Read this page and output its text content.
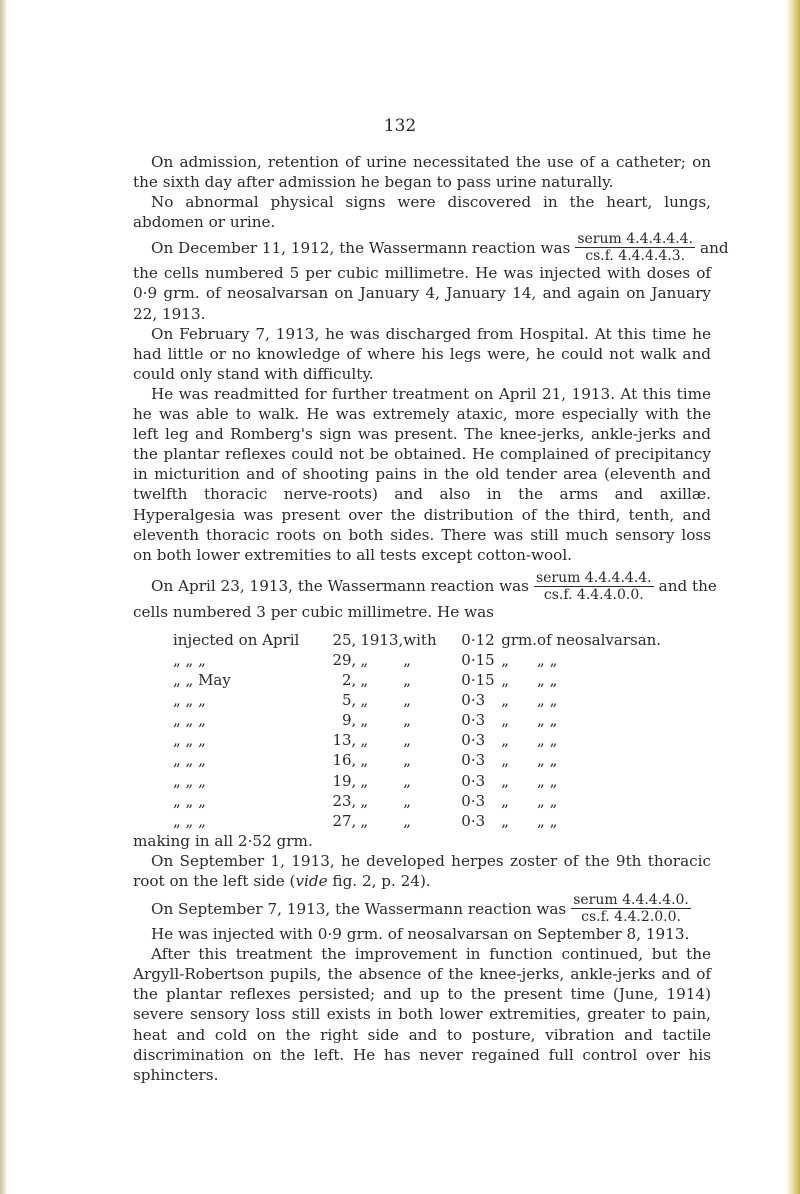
132

On admission, retention of urine necessitated the use of a catheter; on the sixth day after admission he began to pass urine naturally.

No abnormal physical signs were discovered in the heart, lungs, abdomen or urine.

On December 11, 1912, the Wassermann reaction was $\frac{\text{serum 4.4.4.4.4.}}{cs.f. 4.4.4.4.3.}$ and

the cells numbered 5 per cubic millimetre. He was injected with doses of 0·9 grm. of neosalvarsan on January 4, January 14, and again on January 22, 1913.

On February 7, 1913, he was discharged from Hospital. At this time he had little or no knowledge of where his legs were, he could not walk and could only stand with difficulty.

He was readmitted for further treatment on April 21, 1913. At this time he was able to walk. He was extremely ataxic, more especially with the left leg and Romberg's sign was present. The knee-jerks, ankle-jerks and the plantar reflexes could not be obtained. He complained of precipitancy in micturition and of shooting pains in the old tender area (eleventh and twelfth thoracic nerve-roots) and also in the arms and axillæ. Hyperalgesia was present over the distribution of the third, tenth, and eleventh thoracic roots on both sides. There was still much sensory loss on both lower extremities to all tests except cotton-wool.

On April 23, 1913, the Wassermann reaction was $\frac{\text{serum 4.4.4.4.4.}}{cs.f. 4.4.4.0.0.}$ and the

cells numbered 3 per cubic millimetre. He was

injected on April	25,	1913,	with	0·12	grm.	of neosalvarsan.
„ „ „	29,	„	„	0·15	„	„ „
„ „ May	2,	„	„	0·15	„	„ „
„ „ „	5,	„	„	0·3	„	„ „
„ „ „	9,	„	„	0·3	„	„ „
„ „ „	13,	„	„	0·3	„	„ „
„ „ „	16,	„	„	0·3	„	„ „
„ „ „	19,	„	„	0·3	„	„ „
„ „ „	23,	„	„	0·3	„	„ „
„ „ „	27,	„	„	0·3	„	„ „

making in all 2·52 grm.

On September 1, 1913, he developed herpes zoster of the 9th thoracic root on the left side (vide fig. 2, p. 24).

On September 7, 1913, the Wassermann reaction was $\frac{\text{serum 4.4.4.4.0.}}{cs.f. 4.4.2.0.0.}$

He was injected with 0·9 grm. of neosalvarsan on September 8, 1913.

After this treatment the improvement in function continued, but the Argyll-Robertson pupils, the absence of the knee-jerks, ankle-jerks and of the plantar reflexes persisted; and up to the present time (June, 1914) severe sensory loss still exists in both lower extremities, greater to pain, heat and cold on the right side and to posture, vibration and tactile discrimination on the left. He has never regained full control over his sphincters.
